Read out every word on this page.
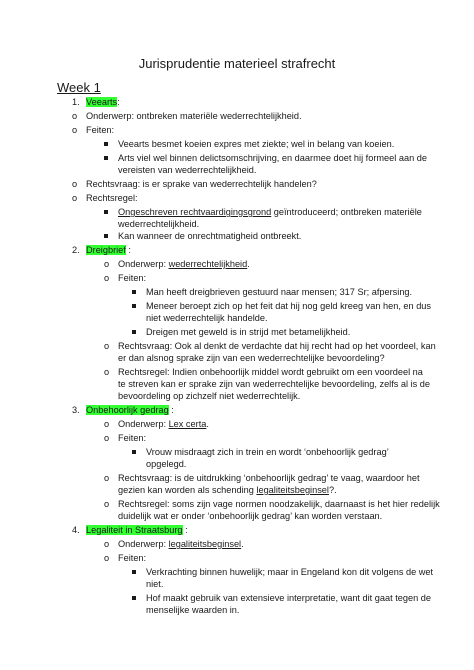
Jurisprudentie materieel strafrecht
Week 1
1. Veearts:
o Onderwerp: ontbreken materiële wederrechtelijkheid.
o Feiten:
Veearts besmet koeien expres met ziekte; wel in belang van koeien.
Arts viel wel binnen delictsomschrijving, en daarmee doet hij formeel aan de
vereisten van wederrechtelijkheid.
o Rechtsvraag: is er sprake van wederrechtelijk handelen?
o Rechtsregel:
Ongeschreven rechtvaardigingsgrond geïntroduceerd; ontbreken materiële
wederrechtelijkheid.
Kan wanneer de onrechtmatigheid ontbreekt.
2. Dreigbrief :
o Onderwerp: wederrechtelijkheid.
o Feiten:
Man heeft dreigbrieven gestuurd naar mensen; 317 Sr; afpersing.
Meneer beroept zich op het feit dat hij nog geld kreeg van hen, en dus
niet wederrechtelijk handelde.
Dreigen met geweld is in strijd met betamelijkheid.
o Rechtsvraag: Ook al denkt de verdachte dat hij recht had op het voordeel, kan
er dan alsnog sprake zijn van een wederrechtelijke bevoordeling?
o Rechtsregel: Indien onbehoorlijk middel wordt gebruikt om een voordeel na
te streven kan er sprake zijn van wederrechtelijke bevoordeling, zelfs al is de
bevoordeling op zichzelf niet wederrechtelijk.
3. Onbehoorlijk gedrag :
o Onderwerp: Lex certa.
o Feiten:
Vrouw misdraagt zich in trein en wordt ‘onbehoorlijk gedrag’
opgelegd.
o Rechtsvraag: is de uitdrukking ‘onbehoorlijk gedrag’ te vaag, waardoor het
gezien kan worden als schending legaliteitsbeginsel?.
o Rechtsregel: soms zijn vage normen noodzakelijk, daarnaast is het hier redelijk
duidelijk wat er onder ‘onbehoorlijk gedrag’ kan worden verstaan.
4. Legaliteit in Straatsburg :
o Onderwerp: legaliteitsbeginsel.
o Feiten:
Verkrachting binnen huwelijk; maar in Engeland kon dit volgens de wet
niet.
Hof maakt gebruik van extensieve interpretatie, want dit gaat tegen de
menselijke waarden in.
